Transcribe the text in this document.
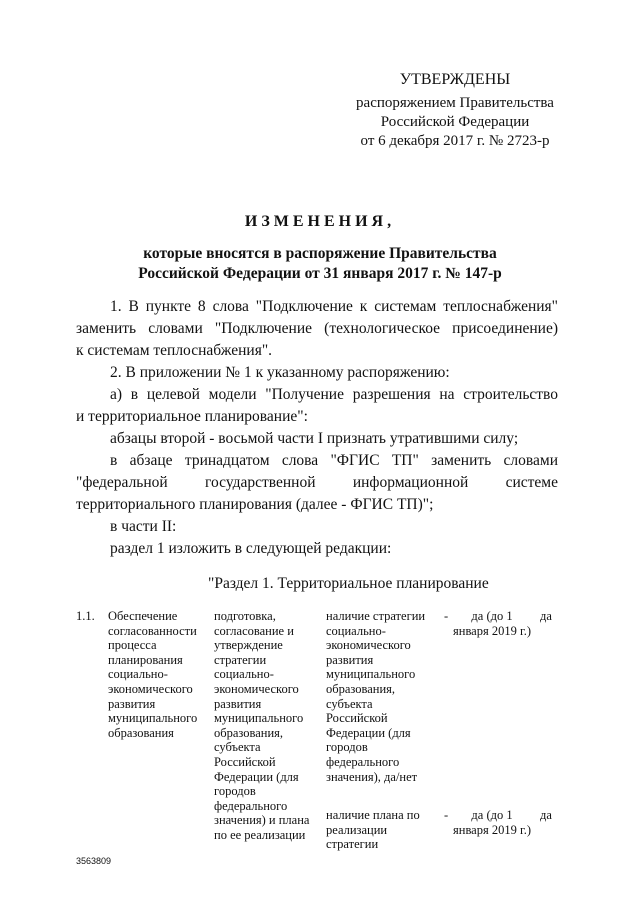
УТВЕРЖДЕНЫ
распоряжением Правительства
Российской Федерации
от 6 декабря 2017 г. № 2723-р
ИЗМЕНЕНИЯ,
которые вносятся в распоряжение Правительства
Российской Федерации от 31 января 2017 г. № 147-р
1. В пункте 8 слова "Подключение к системам теплоснабжения"
заменить словами "Подключение (технологическое присоединение)
к системам теплоснабжения".
2. В приложении № 1 к указанному распоряжению:
а) в целевой модели "Получение разрешения на строительство
и территориальное планирование":
абзацы второй - восьмой части I признать утратившими силу;
в абзаце тринадцатом слова "ФГИС ТП" заменить словами
"федеральной государственной информационной системе
территориального планирования (далее - ФГИС ТП)";
в части II:
раздел 1 изложить в следующей редакции:
"Раздел 1. Территориальное планирование
1.1. Обеспечение согласованности процесса планирования социально-экономического развития муниципального образования
подготовка, согласование и утверждение стратегии социально-экономического развития муниципального образования, субъекта Российской Федерации (для городов федерального значения) и плана по ее реализации
наличие стратегии социально-экономического развития муниципального образования, субъекта Российской Федерации (для городов федерального значения), да/нет
-	да (до 1 января 2019 г.)
да
наличие плана по реализации стратегии
-	да (до 1 января 2019 г.)
да
3563809
